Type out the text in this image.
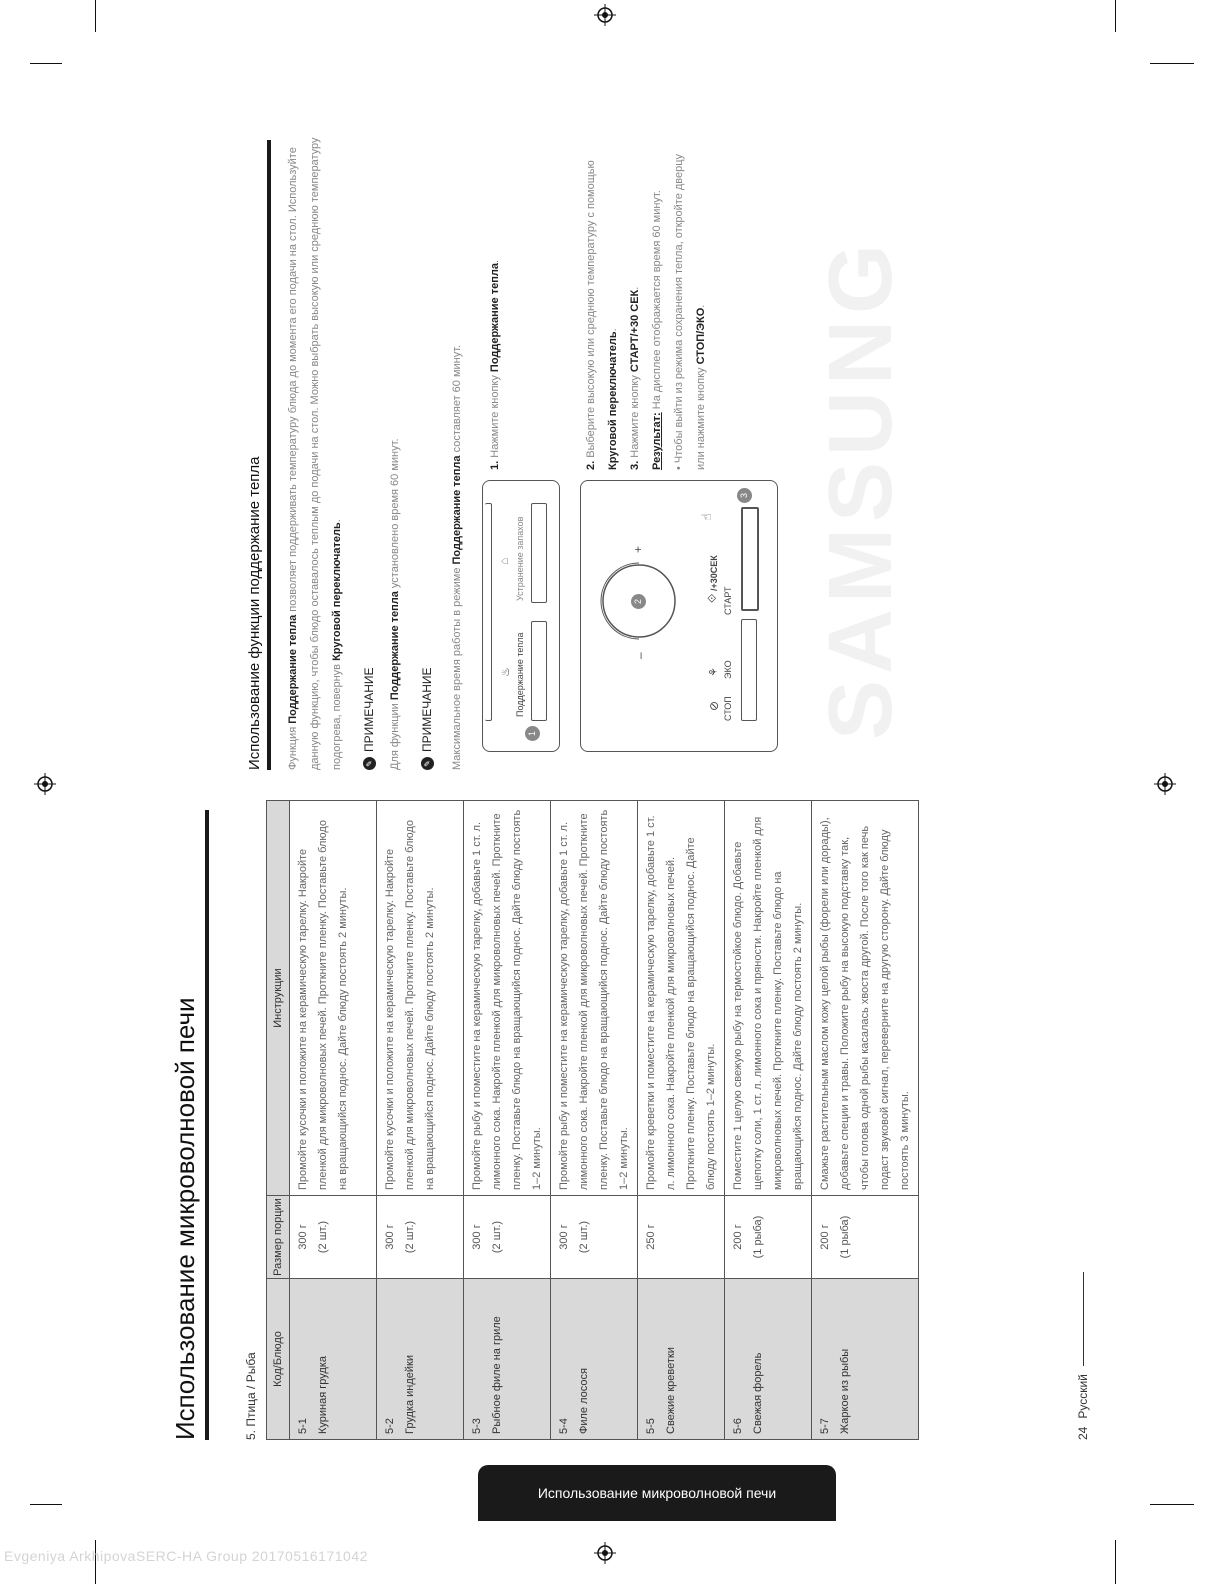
Использование микроволновой печи	5. Птица / Рыба Код/Блюдо	Размер порции	Инструкции

5-1 Куриная грудка	300 г (2 шт.)	Промойте кусочки и положите на керамическую тарелку. Накройте пленкой для микроволновых печей. Проткните пленку. Поставьте блюдо на вращающийся поднос. Дайте блюду постоять 2 минуты.

5-2 Грудка индейки	300 г (2 шт.)	Промойте кусочки и положите на керамическую тарелку. Накройте пленкой для микроволновых печей. Проткните пленку. Поставьте блюдо на вращающийся поднос. Дайте блюду постоять 2 минуты.

5-3 Рыбное филе на гриле	300 г (2 шт.)	Промойте рыбу и поместите на керамическую тарелку, добавьте 1 ст. л. лимонного сока. Накройте пленкой для микроволновых печей. Проткните пленку. Поставьте блюдо на вращающийся поднос. Дайте блюду постоять 1–2 минуты.

5-4 Филе лосося	300 г (2 шт.)	Промойте рыбу и поместите на керамическую тарелку, добавьте 1 ст. л. лимонного сока. Накройте пленкой для микроволновых печей. Проткните пленку. Поставьте блюдо на вращающийся поднос. Дайте блюду постоять 1–2 минуты.

5-5 Свежие креветки	250 г	Промойте креветки и поместите на керамическую тарелку, добавьте 1 ст. л. лимонного сока. Накройте пленкой для микроволновых печей. Проткните пленку. Поставьте блюдо на вращающийся поднос. Дайте блюду постоять 1–2 минуты.

5-6 Свежая форель	200 г (1 рыба)	Поместите 1 целую свежую рыбу на термостойкое блюдо. Добавьте щепотку соли, 1 ст. л. лимонного сока и пряности. Накройте пленкой для микроволновых печей. Проткните пленку. Поставьте блюдо на вращающийся поднос. Дайте блюду постоять 2 минуты.

5-7 Жаркое из рыбы	200 г (1 рыба)	Смажьте растительным маслом кожу целой рыбы (форели или дорады), добавьте специи и травы. Положите рыбу на высокую подставку так, чтобы голова одной рыбы касалась хвоста другой. После того как печь подаст звуковой сигнал, переверните на другую сторону. Дайте блюду постоять 3 минуты.
Использование функции поддержание тепла	Функция Поддержание тепла позволяет поддерживать температуру блюда до момента его подачи на стол. Используйте данную функцию, чтобы блюдо оставалось теплым до подачи на стол. Можно выбрать высокую или среднюю температуру подогрева, повернув Круговой переключатель.
✎
ПРИМЕЧАНИЕ	Для функции Поддержание тепла установлено время 60 минут.
✎
ПРИМЕЧАНИЕ	Максимальное время работы в режиме Поддержание тепла составляет 60 минут.
1
Поддержание тепла
♨
Устранение запахов
⌂
–
+
2
⊘ СТОП
ЭКО
⚘
⟐ СТАРТ
/+30СЕК
3
☝
1. Нажмите кнопку Поддержание тепла.
2. Выберите высокую или среднюю температуру с помощью Круговой переключатель.
3. Нажмите кнопку СТАРТ/+30 СЕК.
Результат: На дисплее отображается время 60 минут.
• Чтобы выйти из режима сохранения тепла, откройте дверцу или нажмите кнопку СТОП/ЭКО. SAMSUNG
Использование микроволновой печи
24
Русский
Evgeniya ArkhipovaSERC-HA Group 20170516171042
